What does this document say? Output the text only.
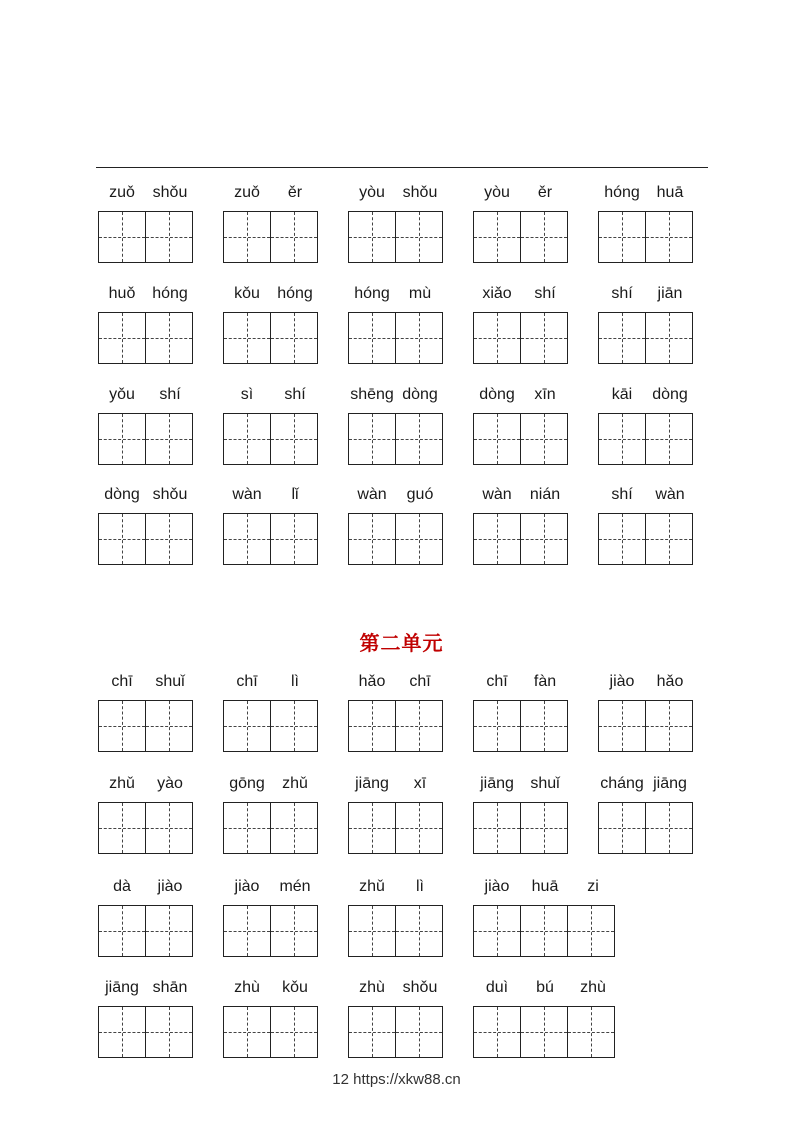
zuǒ shǒu	zuǒ ěr	yòu shǒu	yòu ěr	hóng huā
huǒ hóng	kǒu hóng	hóng mù	xiǎo shí	shí jiān
yǒu shí	sì shí	shēng dòng	dòng xīn	kāi dòng
dòng shǒu	wàn lǐ	wàn guó	wàn nián	shí wàn
第二单元
chī shuǐ	chī lì	hǎo chī	chī fàn	jiào hǎo
zhǔ yào	gōng zhǔ	jiāng xī	jiāng shuǐ	cháng jiāng
dà jiào	jiào mén	zhǔ lì	jiào huā zi
jiāng shān	zhù kǒu	zhù shǒu	duì bú zhù
12 https://xkw88.cn
